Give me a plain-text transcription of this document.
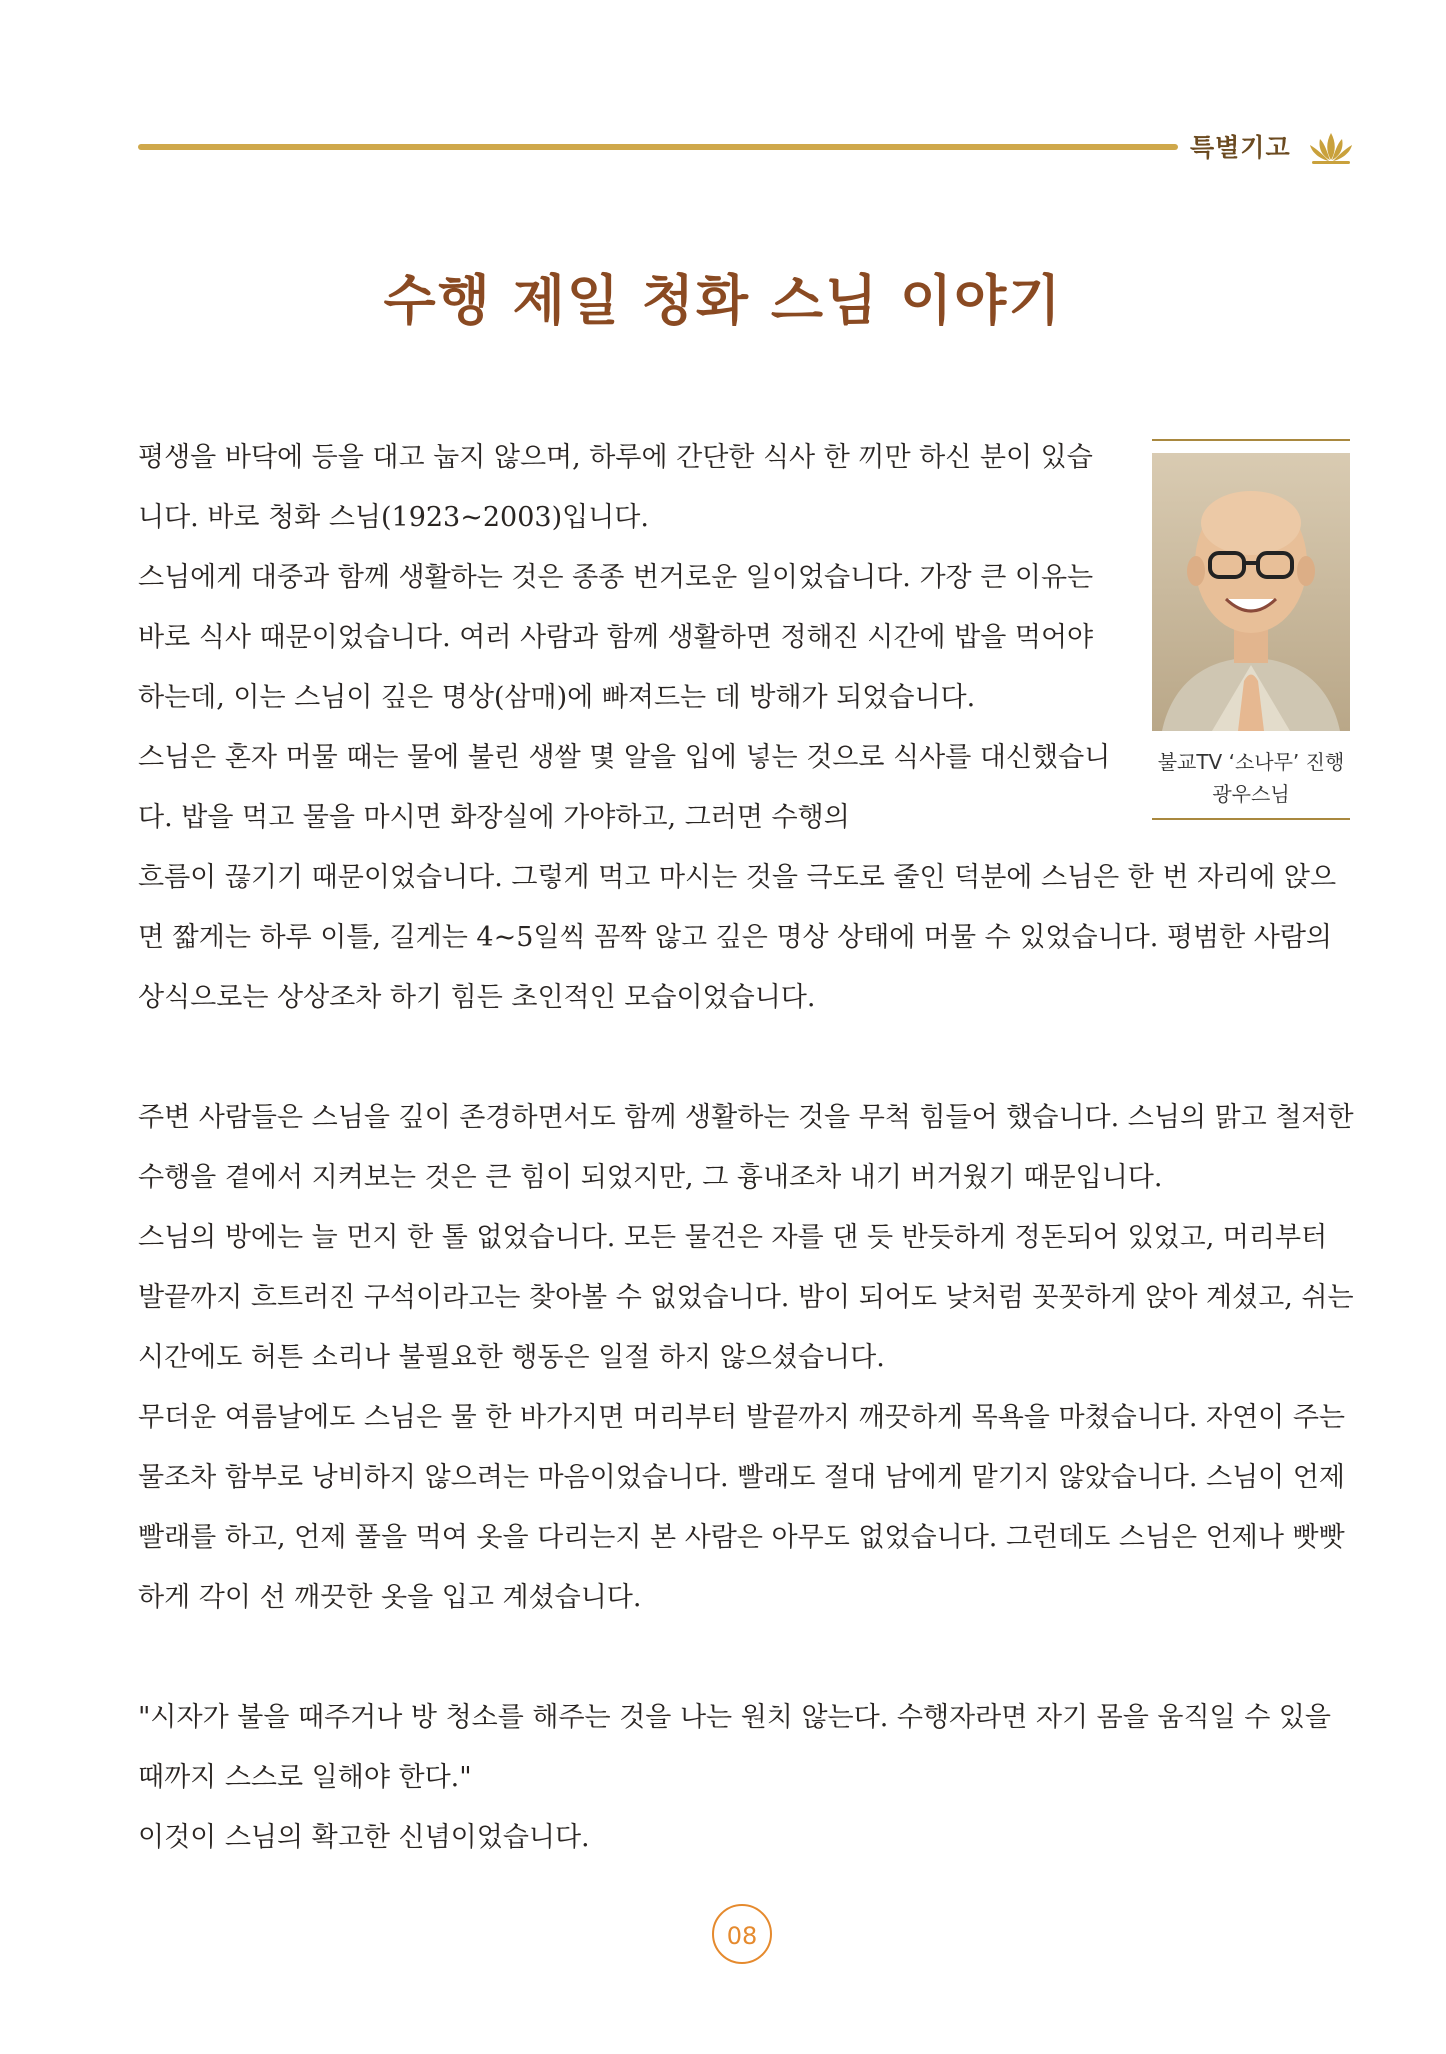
특별기고
수행 제일 청화 스님 이야기
불교TV ‘소나무’ 진행
광우스님

평생을 바닥에 등을 대고 눕지 않으며, 하루에 간단한 식사 한 끼만 하신 분이 있습니다. 바로 청화 스님(1923~2003)입니다.

스님에게 대중과 함께 생활하는 것은 종종 번거로운 일이었습니다. 가장 큰 이유는 바로 식사 때문이었습니다. 여러 사람과 함께 생활하면 정해진 시간에 밥을 먹어야 하는데, 이는 스님이 깊은 명상(삼매)에 빠져드는 데 방해가 되었습니다.

스님은 혼자 머물 때는 물에 불린 생쌀 몇 알을 입에 넣는 것으로 식사를 대신했습니다. 밥을 먹고 물을 마시면 화장실에 가야하고, 그러면 수행의
흐름이 끊기기 때문이었습니다. 그렇게 먹고 마시는 것을 극도로 줄인 덕분에 스님은 한 번 자리에 앉으면 짧게는 하루 이틀, 길게는 4~5일씩 꼼짝 않고 깊은 명상 상태에 머물 수 있었습니다. 평범한 사람의 상식으로는 상상조차 하기 힘든 초인적인 모습이었습니다.

주변 사람들은 스님을 깊이 존경하면서도 함께 생활하는 것을 무척 힘들어 했습니다. 스님의 맑고 철저한 수행을 곁에서 지켜보는 것은 큰 힘이 되었지만, 그 흉내조차 내기 버거웠기 때문입니다.

스님의 방에는 늘 먼지 한 톨 없었습니다. 모든 물건은 자를 댄 듯 반듯하게 정돈되어 있었고, 머리부터 발끝까지 흐트러진 구석이라고는 찾아볼 수 없었습니다. 밤이 되어도 낮처럼 꼿꼿하게 앉아 계셨고, 쉬는 시간에도 허튼 소리나 불필요한 행동은 일절 하지 않으셨습니다.

무더운 여름날에도 스님은 물 한 바가지면 머리부터 발끝까지 깨끗하게 목욕을 마쳤습니다. 자연이 주는 물조차 함부로 낭비하지 않으려는 마음이었습니다. 빨래도 절대 남에게 맡기지 않았습니다. 스님이 언제 빨래를 하고, 언제 풀을 먹여 옷을 다리는지 본 사람은 아무도 없었습니다. 그런데도 스님은 언제나 빳빳하게 각이 선 깨끗한 옷을 입고 계셨습니다.

"시자가 불을 때주거나 방 청소를 해주는 것을 나는 원치 않는다. 수행자라면 자기 몸을 움직일 수 있을 때까지 스스로 일해야 한다."

이것이 스님의 확고한 신념이었습니다.

08
